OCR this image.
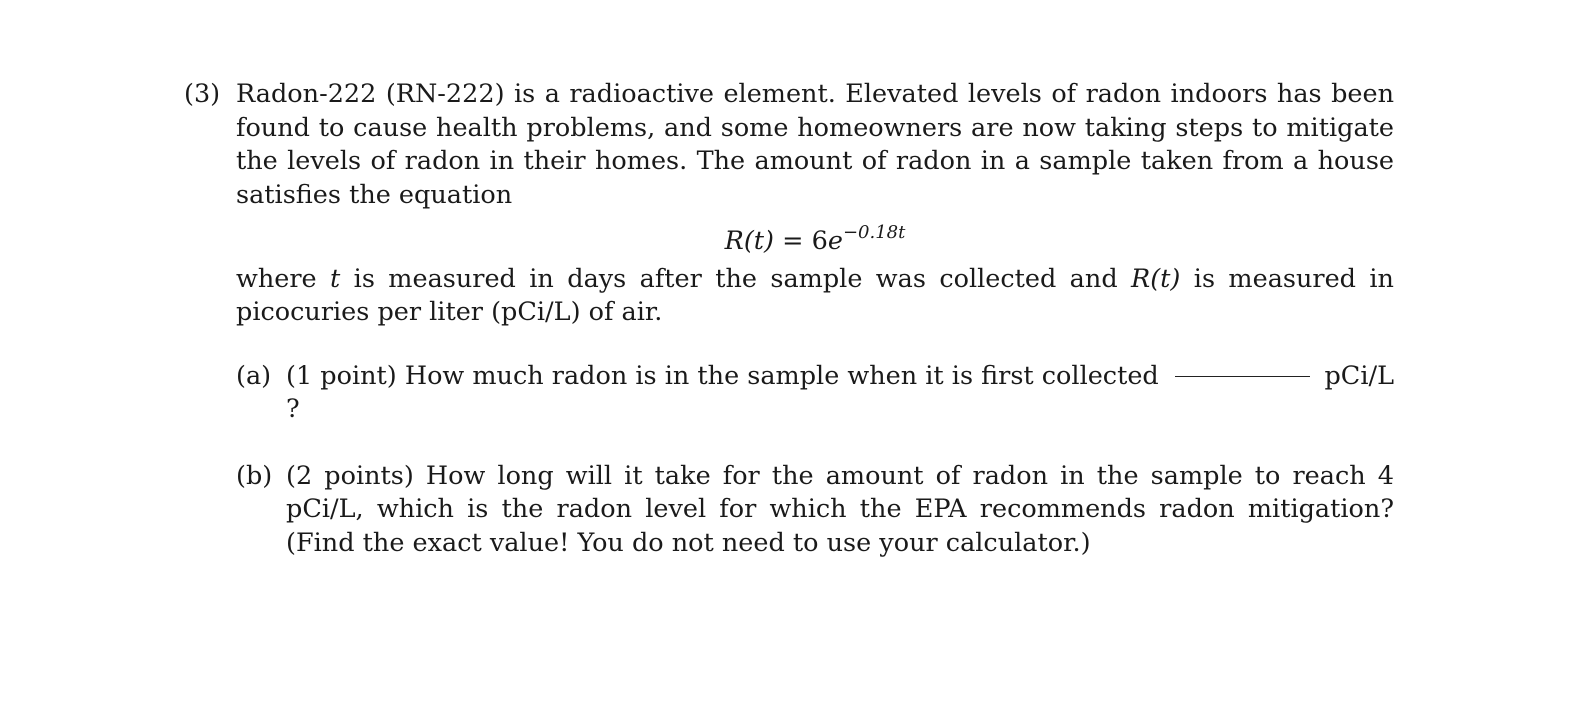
(3) Radon-222 (RN-222) is a radioactive element. Elevated levels of radon indoors has been found to cause health problems, and some homeowners are now taking steps to mitigate the levels of radon in their homes. The amount of radon in a sample taken from a house satisfies the equation
$R(t) = 6e^{-0.18t}$
where t is measured in days after the sample was collected and R(t) is measured in picocuries per liter (pCi/L) of air.
(a) (1 point) How much radon is in the sample when it is first collected ?
pCi/L
(b) (2 points) How long will it take for the amount of radon in the sample to reach 4 pCi/L, which is the radon level for which the EPA recommends radon mitigation? (Find the exact value! You do not need to use your calculator.)
